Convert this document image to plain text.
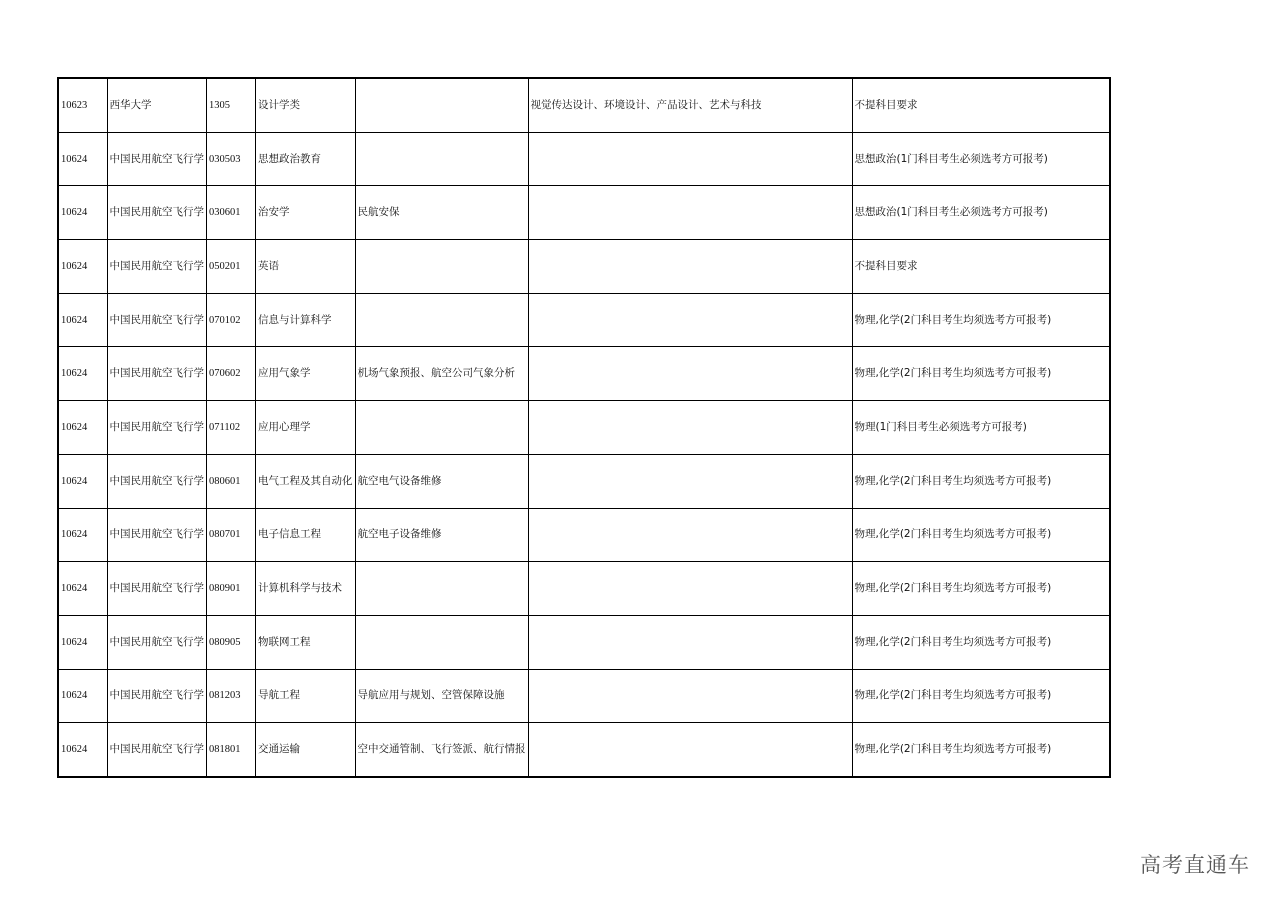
10623	西华大学	1305	设计学类		视觉传达设计、环境设计、产品设计、艺术与科技	不提科目要求
10624	中国民用航空飞行学	030503	思想政治教育			思想政治(1门科目考生必须选考方可报考)
10624	中国民用航空飞行学	030601	治安学	民航安保		思想政治(1门科目考生必须选考方可报考)
10624	中国民用航空飞行学	050201	英语			不提科目要求
10624	中国民用航空飞行学	070102	信息与计算科学			物理,化学(2门科目考生均须选考方可报考)
10624	中国民用航空飞行学	070602	应用气象学	机场气象预报、航空公司气象分析		物理,化学(2门科目考生均须选考方可报考)
10624	中国民用航空飞行学	071102	应用心理学			物理(1门科目考生必须选考方可报考)
10624	中国民用航空飞行学	080601	电气工程及其自动化	航空电气设备维修		物理,化学(2门科目考生均须选考方可报考)
10624	中国民用航空飞行学	080701	电子信息工程	航空电子设备维修		物理,化学(2门科目考生均须选考方可报考)
10624	中国民用航空飞行学	080901	计算机科学与技术			物理,化学(2门科目考生均须选考方可报考)
10624	中国民用航空飞行学	080905	物联网工程			物理,化学(2门科目考生均须选考方可报考)
10624	中国民用航空飞行学	081203	导航工程	导航应用与规划、空管保障设施		物理,化学(2门科目考生均须选考方可报考)
10624	中国民用航空飞行学	081801	交通运输	空中交通管制、飞行签派、航行情报		物理,化学(2门科目考生均须选考方可报考)
高考直通车
